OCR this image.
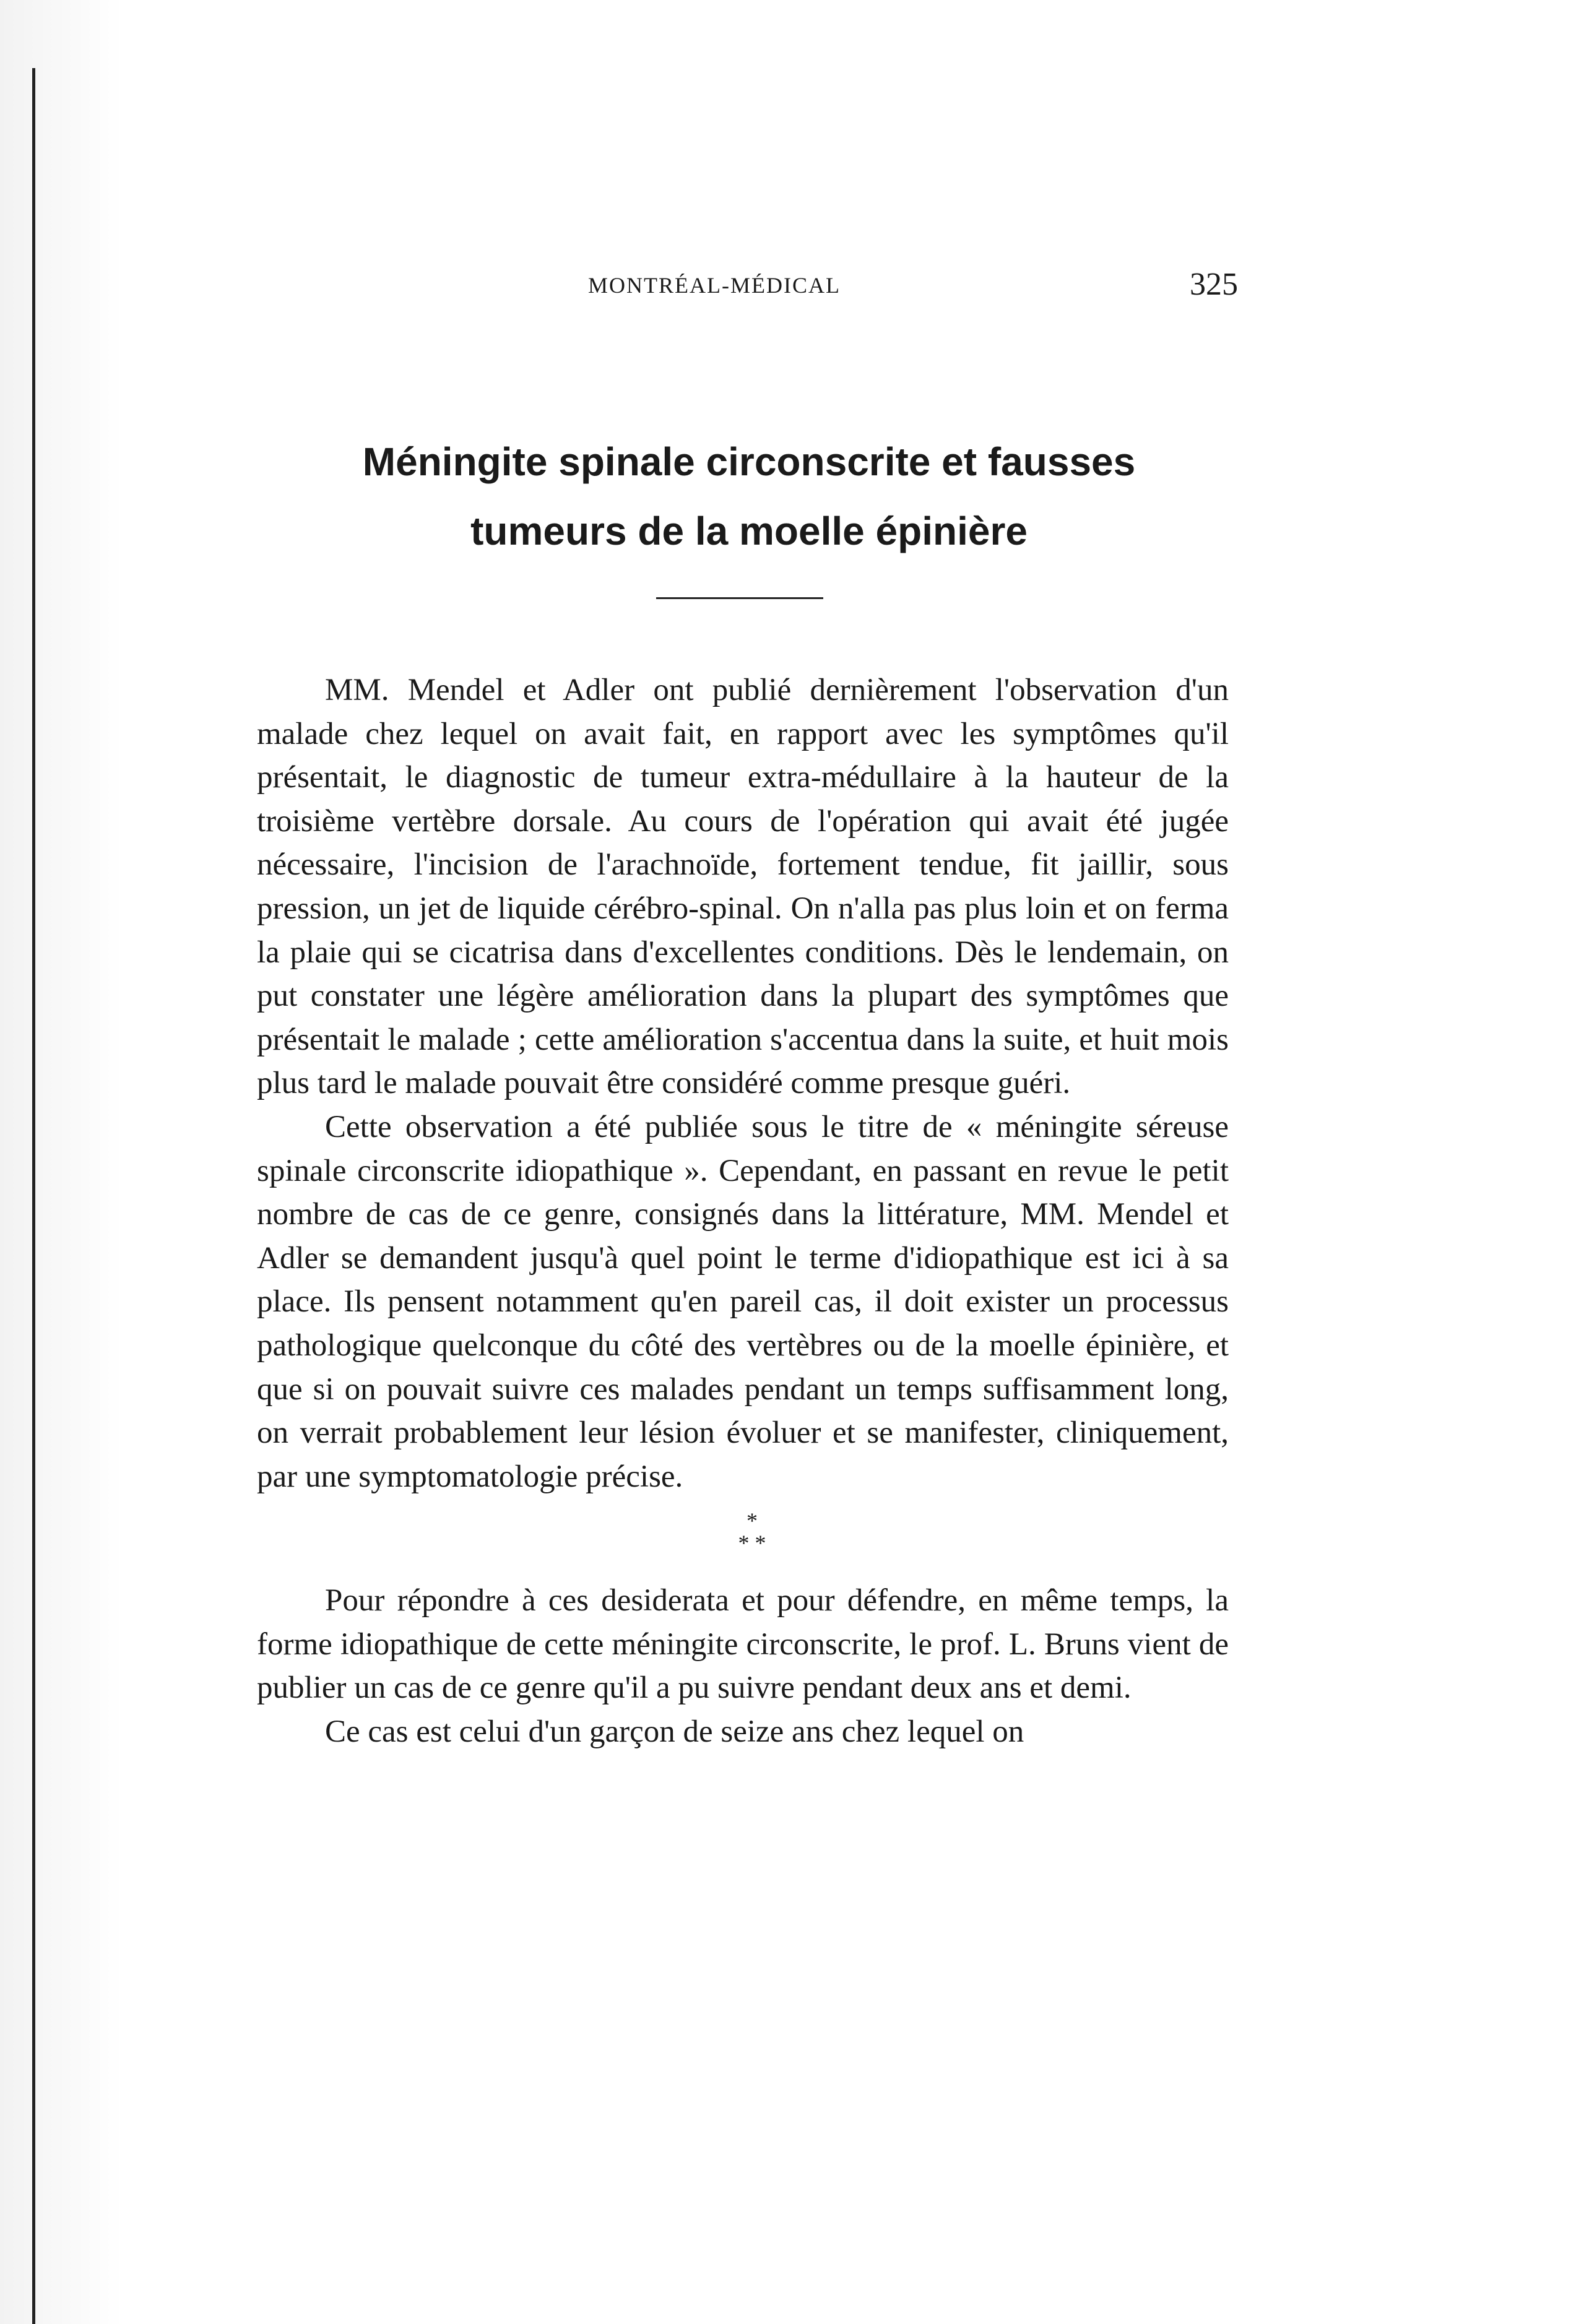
MONTRÉAL-MÉDICAL	325
Méningite spinale circonscrite et fausses
tumeurs de la moelle épinière

MM. Mendel et Adler ont publié dernièrement l'observation d'un malade chez lequel on avait fait, en rapport avec les symptômes qu'il présentait, le diagnostic de tumeur extra-médullaire à la hauteur de la troisième vertèbre dorsale. Au cours de l'opération qui avait été jugée nécessaire, l'incision de l'arachnoïde, fortement tendue, fit jaillir, sous pression, un jet de liquide cérébro-spinal. On n'alla pas plus loin et on ferma la plaie qui se cicatrisa dans d'excellentes conditions. Dès le lendemain, on put constater une légère amélioration dans la plupart des symptômes que présentait le malade ; cette amélioration s'accentua dans la suite, et huit mois plus tard le malade pouvait être considéré comme presque guéri.

Cette observation a été publiée sous le titre de « méningite séreuse spinale circonscrite idiopathique ». Cependant, en passant en revue le petit nombre de cas de ce genre, consignés dans la littérature, MM. Mendel et Adler se demandent jusqu'à quel point le terme d'idiopathique est ici à sa place. Ils pensent notamment qu'en pareil cas, il doit exister un processus pathologique quelconque du côté des vertèbres ou de la moelle épinière, et que si on pouvait suivre ces malades pendant un temps suffisamment long, on verrait probablement leur lésion évoluer et se manifester, cliniquement, par une symptomatologie précise.

*
* *

Pour répondre à ces desiderata et pour défendre, en même temps, la forme idiopathique de cette méningite circonscrite, le prof. L. Bruns vient de publier un cas de ce genre qu'il a pu suivre pendant deux ans et demi.

Ce cas est celui d'un garçon de seize ans chez lequel on
